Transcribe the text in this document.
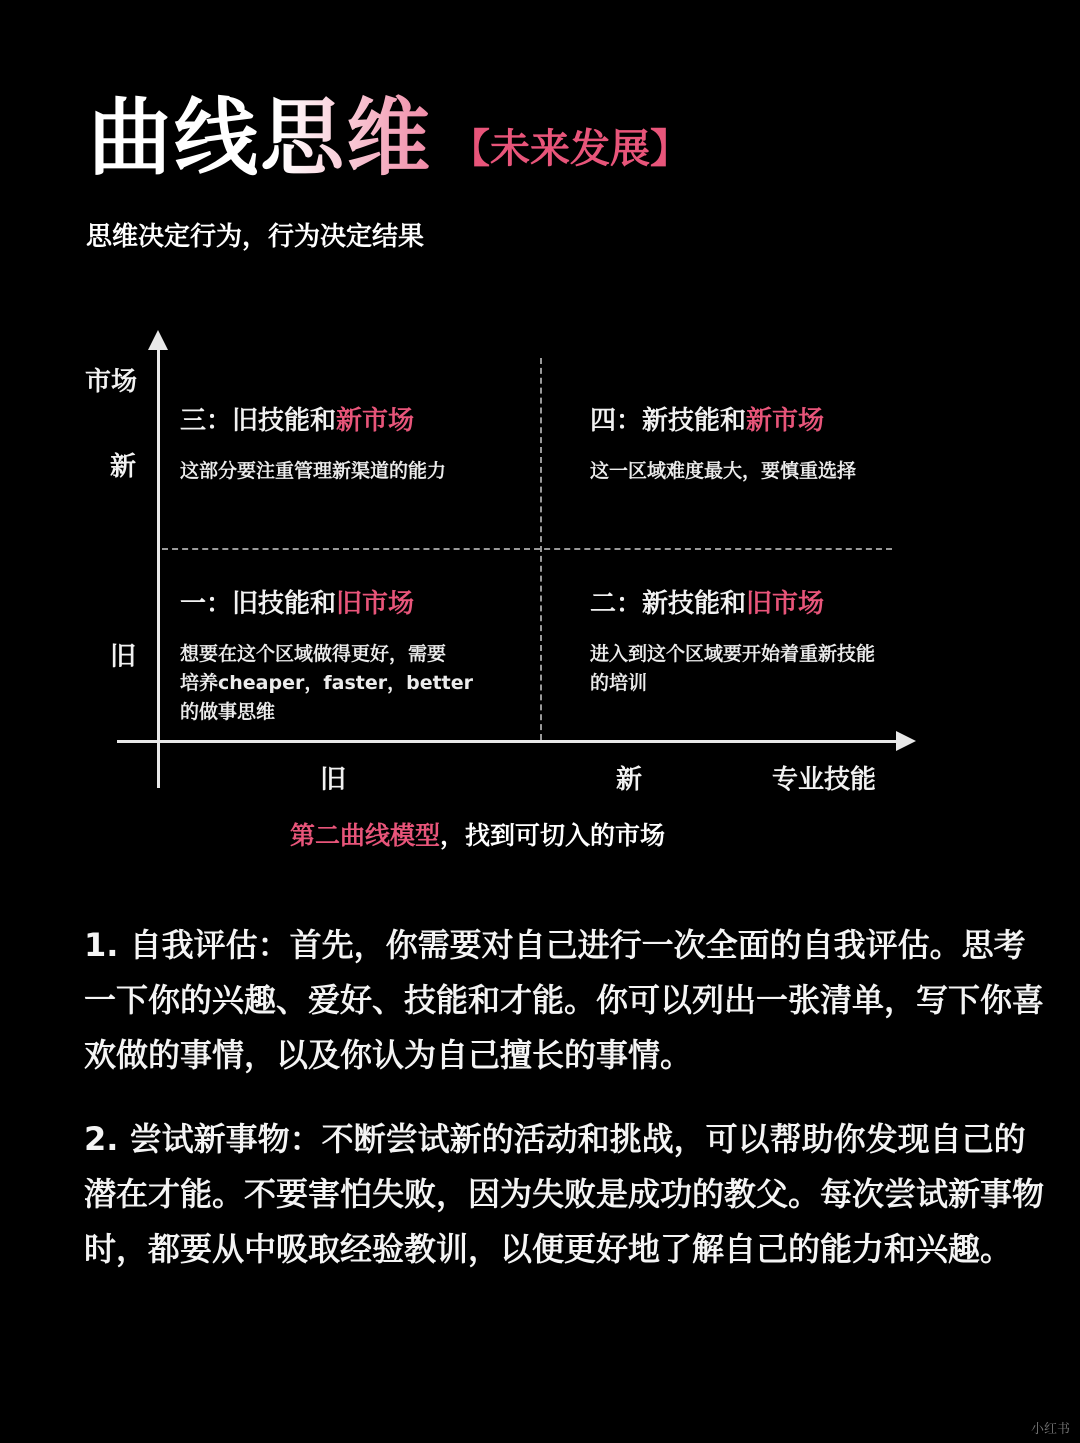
曲线思维 【未来发展】
思维决定行为，行为决定结果
市场
新
旧
旧	新	专业技能
三：旧技能和新市场
这部分要注重管理新渠道的能力
四：新技能和新市场
这一区域难度最大，要慎重选择
一：旧技能和旧市场
想要在这个区域做得更好，需要
培养cheaper，faster，better
的做事思维
二：新技能和旧市场
进入到这个区域要开始着重新技能
的培训
第二曲线模型，找到可切入的市场
1. 自我评估：首先，你需要对自己进行一次全面的自我评估。思考一下你的兴趣、爱好、技能和才能。你可以列出一张清单，写下你喜欢做的事情，以及你认为自己擅长的事情。
2. 尝试新事物：不断尝试新的活动和挑战，可以帮助你发现自己的潜在才能。不要害怕失败，因为失败是成功的教父。每次尝试新事物时，都要从中吸取经验教训，以便更好地了解自己的能力和兴趣。
小红书
